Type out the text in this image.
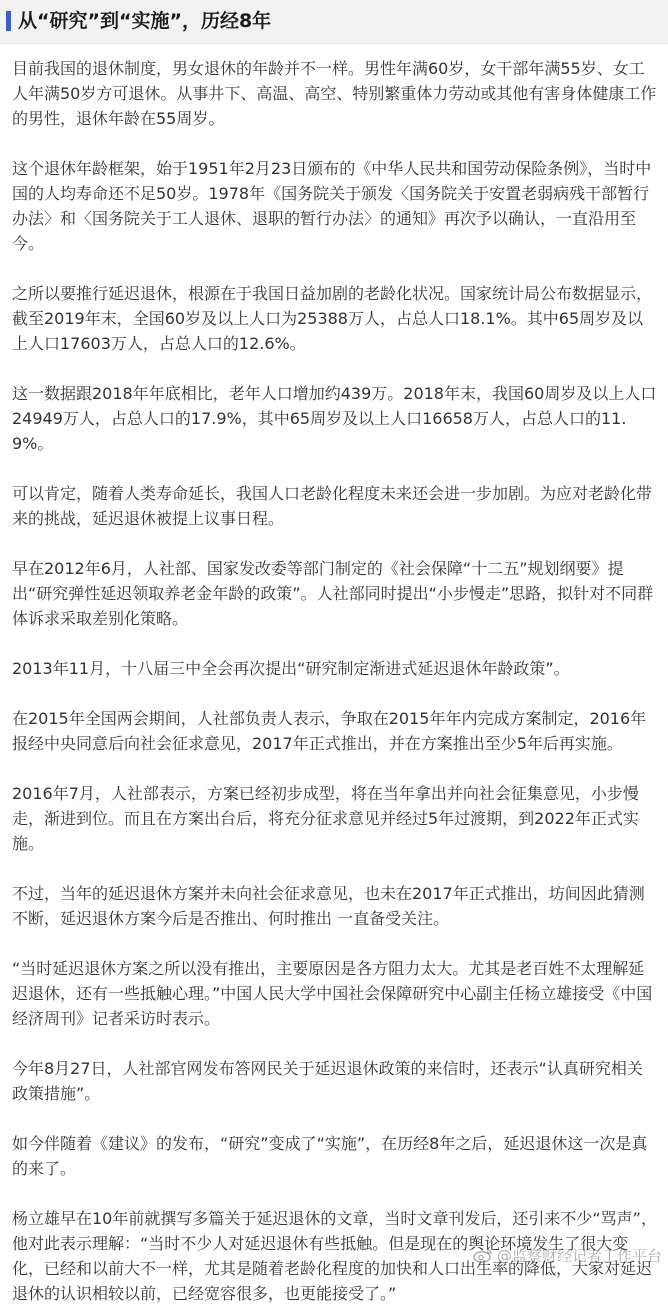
从“研究”到“实施”，历经8年

目前我国的退休制度，男女退休的年龄并不一样。男性年满60岁，女干部年满55岁、女工人年满50岁方可退休。从事井下、高温、高空、特别繁重体力劳动或其他有害身体健康工作的男性，退休年龄在55周岁。

这个退休年龄框架，始于1951年2月23日颁布的《中华人民共和国劳动保险条例》，当时中国的人均寿命还不足50岁。1978年《国务院关于颁发〈国务院关于安置老弱病残干部暂行办法〉和〈国务院关于工人退休、退职的暂行办法〉的通知》再次予以确认，一直沿用至今。

之所以要推行延迟退休，根源在于我国日益加剧的老龄化状况。国家统计局公布数据显示，截至2019年末，全国60岁及以上人口为25388万人，占总人口18.1%。其中65周岁及以上人口17603万人，占总人口的12.6%。

这一数据跟2018年年底相比，老年人口增加约439万。2018年末，我国60周岁及以上人口24949万人，占总人口的17.9%，其中65周岁及以上人口16658万人，占总人口的11.9%。

可以肯定，随着人类寿命延长，我国人口老龄化程度未来还会进一步加剧。为应对老龄化带来的挑战，延迟退休被提上议事日程。

早在2012年6月，人社部、国家发改委等部门制定的《社会保障“十二五”规划纲要》提出“研究弹性延迟领取养老金年龄的政策”。人社部同时提出“小步慢走”思路，拟针对不同群体诉求采取差别化策略。

2013年11月，十八届三中全会再次提出“研究制定渐进式延迟退休年龄政策”。

在2015年全国两会期间，人社部负责人表示，争取在2015年年内完成方案制定，2016年报经中央同意后向社会征求意见，2017年正式推出，并在方案推出至少5年后再实施。

2016年7月，人社部表示，方案已经初步成型，将在当年拿出并向社会征集意见，小步慢走，渐进到位。而且在方案出台后，将充分征求意见并经过5年过渡期，到2022年正式实施。

不过，当年的延迟退休方案并未向社会征求意见，也未在2017年正式推出，坊间因此猜测不断，延迟退休方案今后是否推出、何时推出 一直备受关注。

“当时延迟退休方案之所以没有推出，主要原因是各方阻力太大。尤其是老百姓不太理解延迟退休，还有一些抵触心理。”中国人民大学中国社会保障研究中心副主任杨立雄接受《中国经济周刊》记者采访时表示。

今年8月27日，人社部官网发布答网民关于延迟退休政策的来信时，还表示“认真研究相关政策措施”。

如今伴随着《建议》的发布，“研究”变成了“实施”，在历经8年之后，延迟退休这一次是真的来了。

杨立雄早在10年前就撰写多篇关于延迟退休的文章，当时文章刊发后，还引来不少“骂声”，他对此表示理解：“当时不少人对延迟退休有些抵触。但是现在的舆论环境发生了很大变化，已经和以前大不一样，尤其是随着老龄化程度的加快和人口出生率的降低，大家对延迟退休的认识相较以前，已经宽容很多，也更能接受了。”

@监察财经记者工作平台
